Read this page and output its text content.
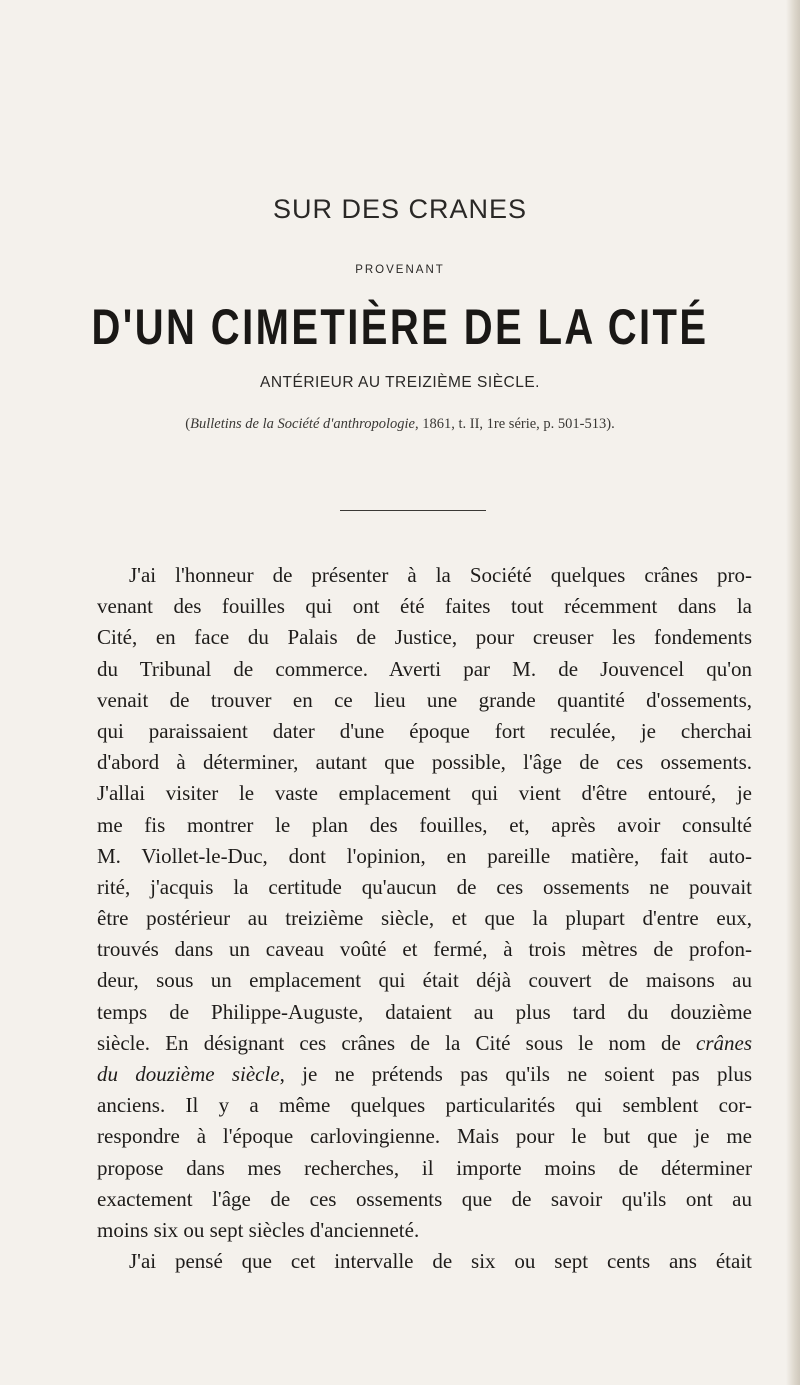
SUR DES CRANES
PROVENANT
D'UN CIMETIÈRE DE LA CITÉ
ANTÉRIEUR AU TREIZIÈME SIÈCLE.
(Bulletins de la Société d'anthropologie, 1861, t. II, 1re série, p. 501-513).
J'ai l'honneur de présenter à la Société quelques crânes pro-
venant des fouilles qui ont été faites tout récemment dans la
Cité, en face du Palais de Justice, pour creuser les fondements
du Tribunal de commerce. Averti par M. de Jouvencel qu'on
venait de trouver en ce lieu une grande quantité d'ossements,
qui paraissaient dater d'une époque fort reculée, je cherchai
d'abord à déterminer, autant que possible, l'âge de ces ossements.
J'allai visiter le vaste emplacement qui vient d'être entouré, je
me fis montrer le plan des fouilles, et, après avoir consulté
M. Viollet-le-Duc, dont l'opinion, en pareille matière, fait auto-
rité, j'acquis la certitude qu'aucun de ces ossements ne pouvait
être postérieur au treizième siècle, et que la plupart d'entre eux,
trouvés dans un caveau voûté et fermé, à trois mètres de profon-
deur, sous un emplacement qui était déjà couvert de maisons au
temps de Philippe-Auguste, dataient au plus tard du douzième
siècle. En désignant ces crânes de la Cité sous le nom de crânes
du douzième siècle, je ne prétends pas qu'ils ne soient pas plus
anciens. Il y a même quelques particularités qui semblent cor-
respondre à l'époque carlovingienne. Mais pour le but que je me
propose dans mes recherches, il importe moins de déterminer
exactement l'âge de ces ossements que de savoir qu'ils ont au
moins six ou sept siècles d'ancienneté.
J'ai pensé que cet intervalle de six ou sept cents ans était
